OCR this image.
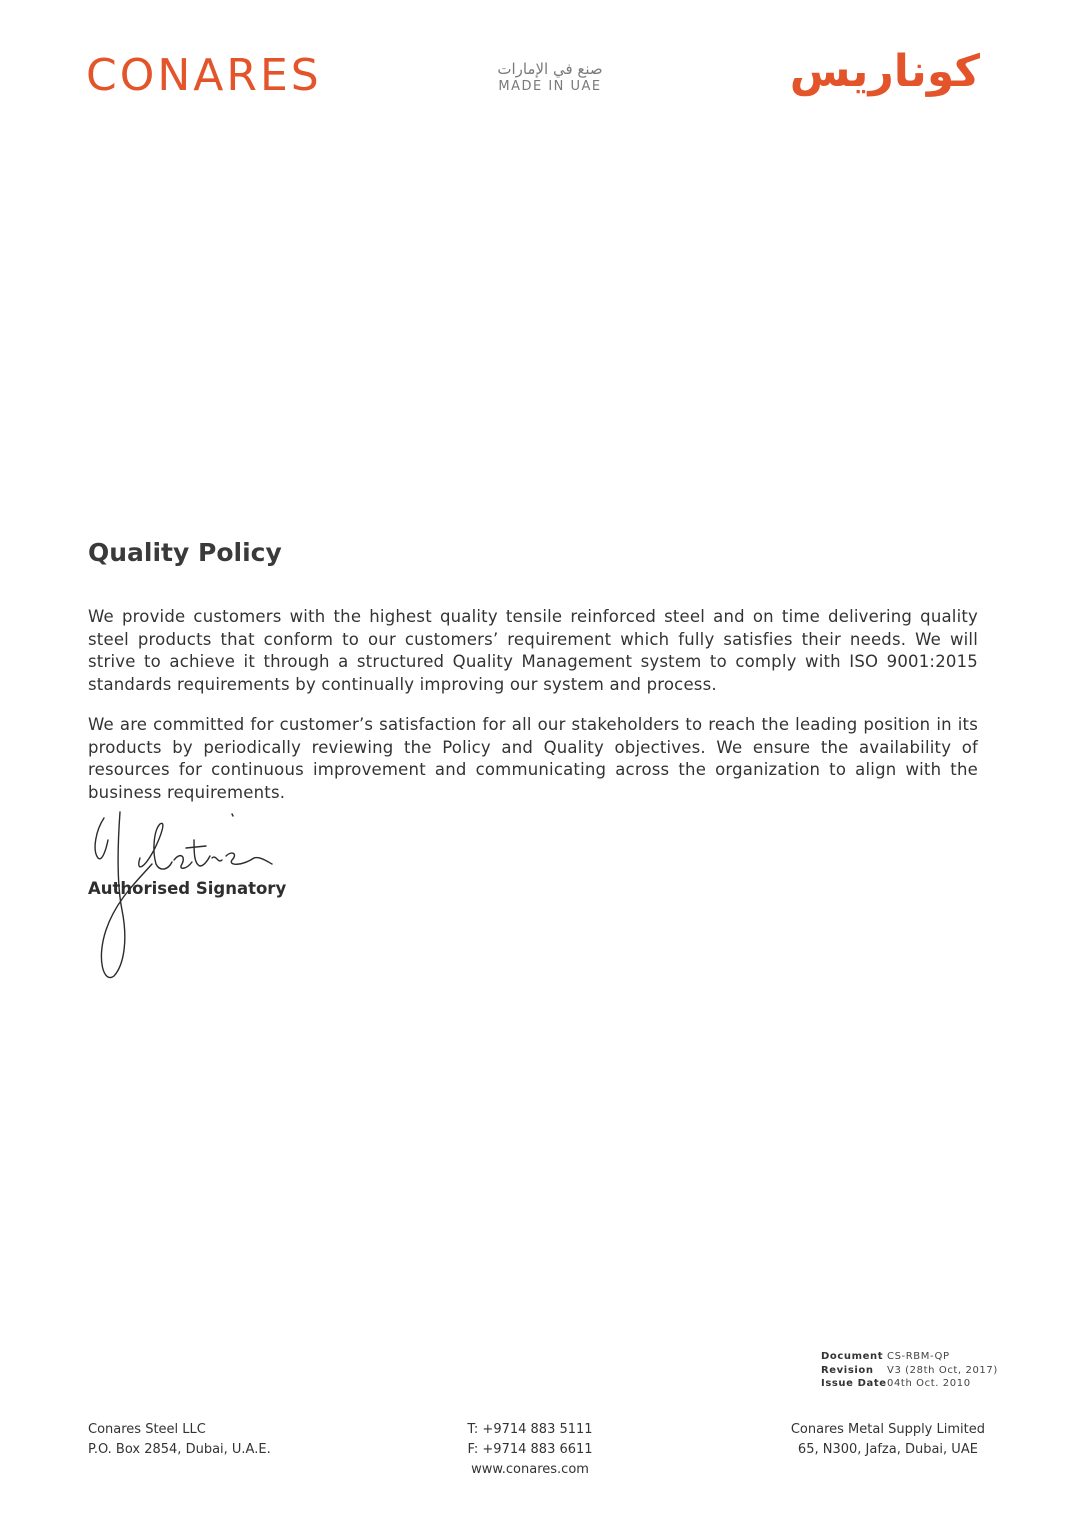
CONARES	صنع في الإمارات
MADE IN UAE	كوناريس
Quality Policy
We provide customers with the highest quality tensile reinforced steel and on time delivering quality steel products that conform to our customers’ requirement which fully satisfies their needs. We will strive to achieve it through a structured Quality Management system to comply with ISO 9001:2015 standards requirements by continually improving our system and process.
We are committed for customer’s satisfaction for all our stakeholders to reach the leading position in its products by periodically reviewing the Policy and Quality objectives. We ensure the availability of resources for continuous improvement and communicating across the organization to align with the business requirements.
Authorised Signatory
Document CS-RBM-QP
Revision	V3 (28th Oct, 2017)
Issue Date 04th Oct. 2010
Conares Steel LLC
P.O. Box 2854, Dubai, U.A.E.
T: +9714 883 5111
F: +9714 883 6611
www.conares.com
Conares Metal Supply Limited
65, N300, Jafza, Dubai, UAE
